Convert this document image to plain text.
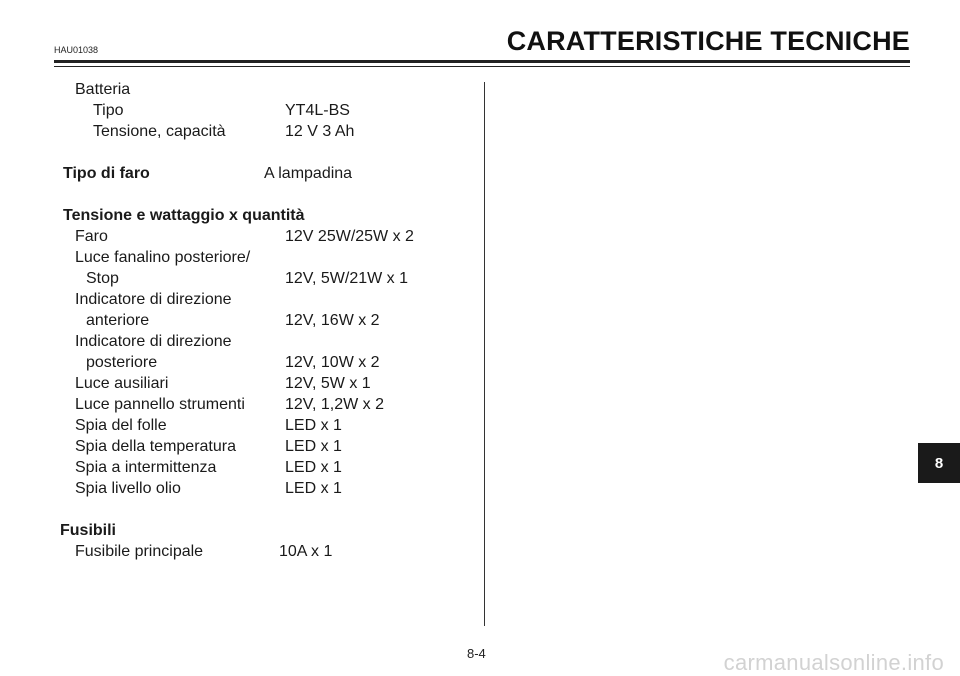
HAU01038	CARATTERISTICHE TECNICHE
Batteria
Tipo	YT4L-BS
Tensione, capacità	12 V 3 Ah
Tipo di faro	A lampadina
Tensione e wattaggio x quantità
Faro	12V 25W/25W x 2
Luce fanalino posteriore/
Stop	12V, 5W/21W x 1
Indicatore di direzione
anteriore	12V, 16W x 2
Indicatore di direzione
posteriore	12V, 10W x 2
Luce ausiliari	12V, 5W x 1
Luce pannello strumenti	12V, 1,2W x 2
Spia del folle	LED x 1
Spia della temperatura	LED x 1
Spia a intermittenza	LED x 1
Spia livello olio	LED x 1
Fusibili
Fusibile principale	10A x 1
8
8-4	carmanualsonline.info
